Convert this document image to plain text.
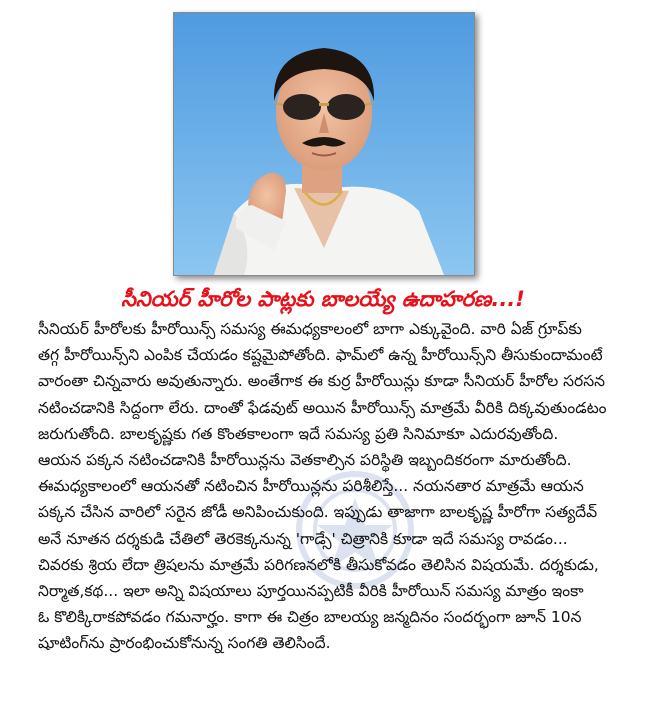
సీనియర్ హీరోల పాట్లకు బాలయ్యే ఉదాహరణ...!
సీనియర్ హీరోలకు హీరోయిన్స్ సమస్య ఈమధ్యకాలంలో బాగా ఎక్కువైంది. వారి ఏజ్ గ్రూప్‌కు
తగ్గ హీరోయిన్స్‌ని ఎంపిక చేయడం కష్టమైపోతోంది. ఫామ్‌లో ఉన్న హీరోయిన్స్‌ని తీసుకుందామంటే
వారంతా చిన్నవారు అవుతున్నారు. అంతేగాక ఈ కుర్ర హీరోయిన్లు కూడా సీనియర్ హీరోల సరసన
నటించడానికి సిద్దంగా లేరు. దాంతో ఫేడవుట్ అయిన హీరోయిన్స్ మాత్రమే వీరికి దిక్కవుతుండటం
జరుగుతోంది. బాలకృష్ణకు గత కొంతకాలంగా ఇదే సమస్య ప్రతి సినిమాకూ ఎదురవుతోంది.
ఆయన పక్కన నటించడానికి హీరోయిన్లను వెతకాల్సిన పరిస్థితి ఇబ్బందికరంగా మారుతోంది.
ఈమధ్యకాలంలో ఆయనతో నటించిన హీరోయిన్లను పరిశీలిస్తే... నయనతార మాత్రమే ఆయన
పక్కన చేసిన వారిలో సరైన జోడీ అనిపించుకుంది. ఇప్పుడు తాజాగా బాలకృష్ణ హీరోగా సత్యదేవ్
అనే నూతన దర్శకుడి చేతిలో తెరకెక్కనున్న 'గాడ్సే' చిత్రానికి కూడా ఇదే సమస్య రావడం...
చివరకు శ్రియ లేదా త్రిషలను మాత్రమే పరిగణనలోకి తీసుకోవడం తెలిసిన విషయమే. దర్శకుడు,
నిర్మాత,కథ... ఇలా అన్ని విషయాలు పూర్తయినప్పటికీ వీరికి హీరోయిన్ సమస్య మాత్రం ఇంకా
ఓ కొలిక్కిరాకపోవడం గమనార్హం. కాగా ఈ చిత్రం బాలయ్య జన్మదినం సందర్భంగా జూన్ 10న
షూటింగ్‌ను ప్రారంభించుకోనున్న సంగతి తెలిసిందే.
